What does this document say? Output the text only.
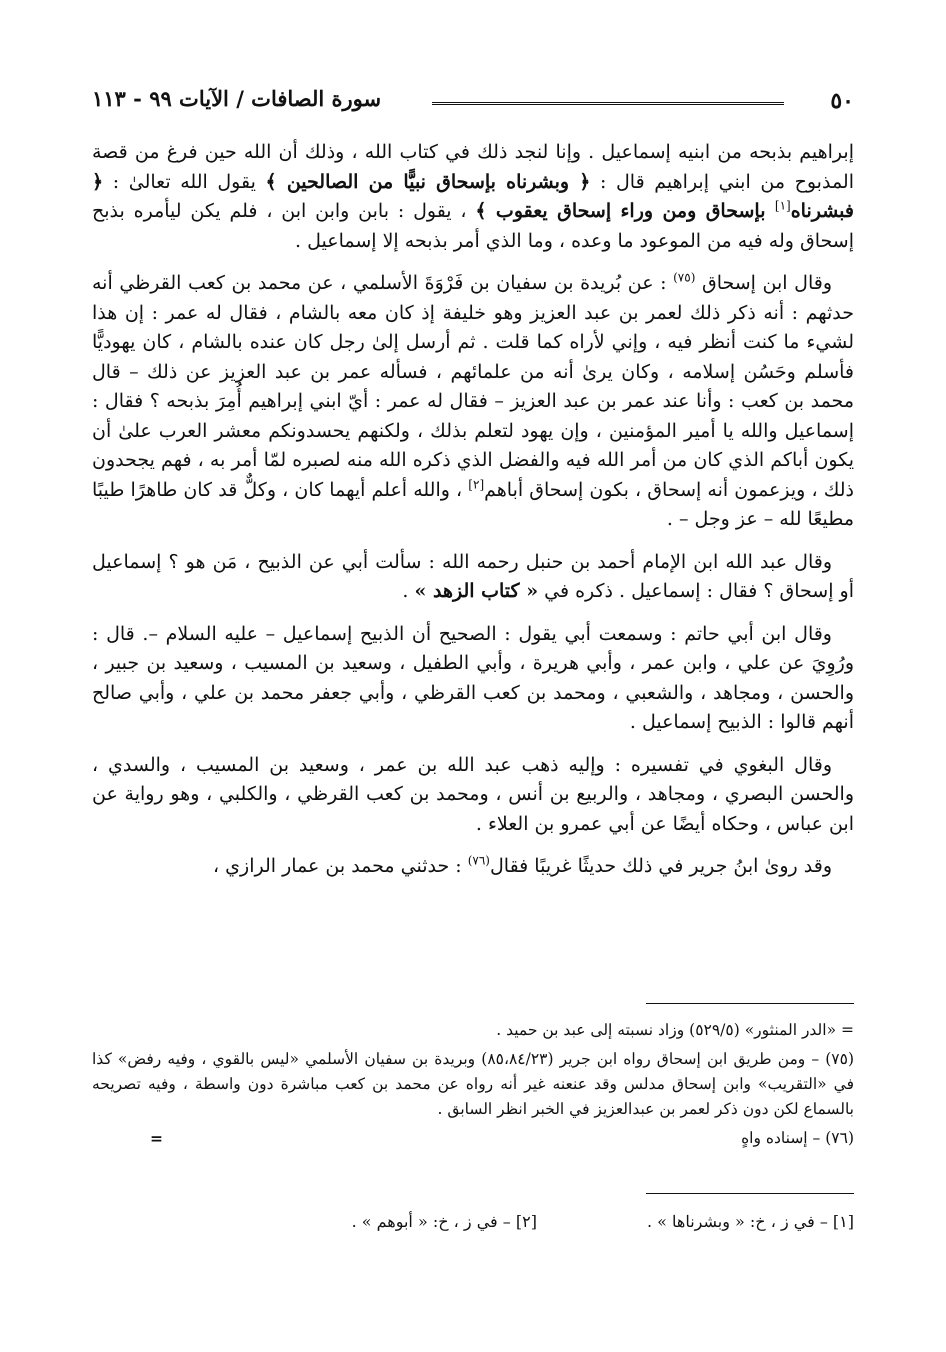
٥٠
سورة الصافات / الآيات ٩٩ - ١١٣

إبراهيم بذبحه من ابنيه إسماعيل . وإنا لنجد ذلك في كتاب الله ، وذلك أن الله حين فرغ من قصة المذبوح من ابني إبراهيم قال : ﴿ وبشرناه بإسحاق نبيًّا من الصالحين ﴾ يقول الله تعالىٰ : ﴿ فبشرناه[١] بإسحاق ومن وراء إسحاق يعقوب ﴾ ، يقول : بابن وابن ابن ، فلم يكن ليأمره بذبح إسحاق وله فيه من الموعود ما وعده ، وما الذي أمر بذبحه إلا إسماعيل .

وقال ابن إسحاق $^{(٧٥)}$ : عن بُريدة بن سفيان بن فَرْوَةَ الأسلمي ، عن محمد بن كعب القرظي أنه حدثهم : أنه ذكر ذلك لعمر بن عبد العزيز وهو خليفة إذ كان معه بالشام ، فقال له عمر : إن هذا لشيء ما كنت أنظر فيه ، وإني لأراه كما قلت . ثم أرسل إلىٰ رجل كان عنده بالشام ، كان يهوديًّا فأسلم وحَسُن إسلامه ، وكان يرىٰ أنه من علمائهم ، فسأله عمر بن عبد العزيز عن ذلك – قال محمد بن كعب : وأنا عند عمر بن عبد العزيز – فقال له عمر : أيّ ابني إبراهيم أُمِرَ بذبحه ؟ فقال : إسماعيل والله يا أمير المؤمنين ، وإن يهود لتعلم بذلك ، ولكنهم يحسدونكم معشر العرب علىٰ أن يكون أباكم الذي كان من أمر الله فيه والفضل الذي ذكره الله منه لصبره لمّا أمر به ، فهم يجحدون ذلك ، ويزعمون أنه إسحاق ، بكون إسحاق أباهم[٢] ، والله أعلم أيهما كان ، وكلٌّ قد كان طاهرًا طيبًا مطيعًا لله – عز وجل – .

وقال عبد الله ابن الإمام أحمد بن حنبل رحمه الله : سألت أبي عن الذبيح ، مَن هو ؟ إسماعيل أو إسحاق ؟ فقال : إسماعيل . ذكره في « كتاب الزهد » .

وقال ابن أبي حاتم : وسمعت أبي يقول : الصحيح أن الذبيح إسماعيل – عليه السلام –. قال : ورُوِيَ عن علي ، وابن عمر ، وأبي هريرة ، وأبي الطفيل ، وسعيد بن المسيب ، وسعيد بن جبير ، والحسن ، ومجاهد ، والشعبي ، ومحمد بن كعب القرظي ، وأبي جعفر محمد بن علي ، وأبي صالح أنهم قالوا : الذبيح إسماعيل .

وقال البغوي في تفسيره : وإليه ذهب عبد الله بن عمر ، وسعيد بن المسيب ، والسدي ، والحسن البصري ، ومجاهد ، والربيع بن أنس ، ومحمد بن كعب القرظي ، والكلبي ، وهو رواية عن ابن عباس ، وحكاه أيضًا عن أبي عمرو بن العلاء .

وقد روىٰ ابنُ جرير في ذلك حديثًا غريبًا فقال$^{(٧٦)}$ : حدثني محمد بن عمار الرازي ،

= «الدر المنثور» (٥٢٩/٥) وزاد نسبته إلى عبد بن حميد .

(٧٥) – ومن طريق ابن إسحاق رواه ابن جرير (٨٥،٨٤/٢٣) وبريدة بن سفيان الأسلمي «ليس بالقوي ، وفيه رفض» كذا في «التقريب» وابن إسحاق مدلس وقد عنعنه غير أنه رواه عن محمد بن كعب مباشرة دون واسطة ، وفيه تصريحه بالسماع لكن دون ذكر لعمر بن عبدالعزيز في الخبر انظر السابق .

(٧٦) – إسناده واهٍ
=

[١] – في ز ، خ: « وبشرناها » .
[٢] – في ز ، خ: « أبوهم » .
